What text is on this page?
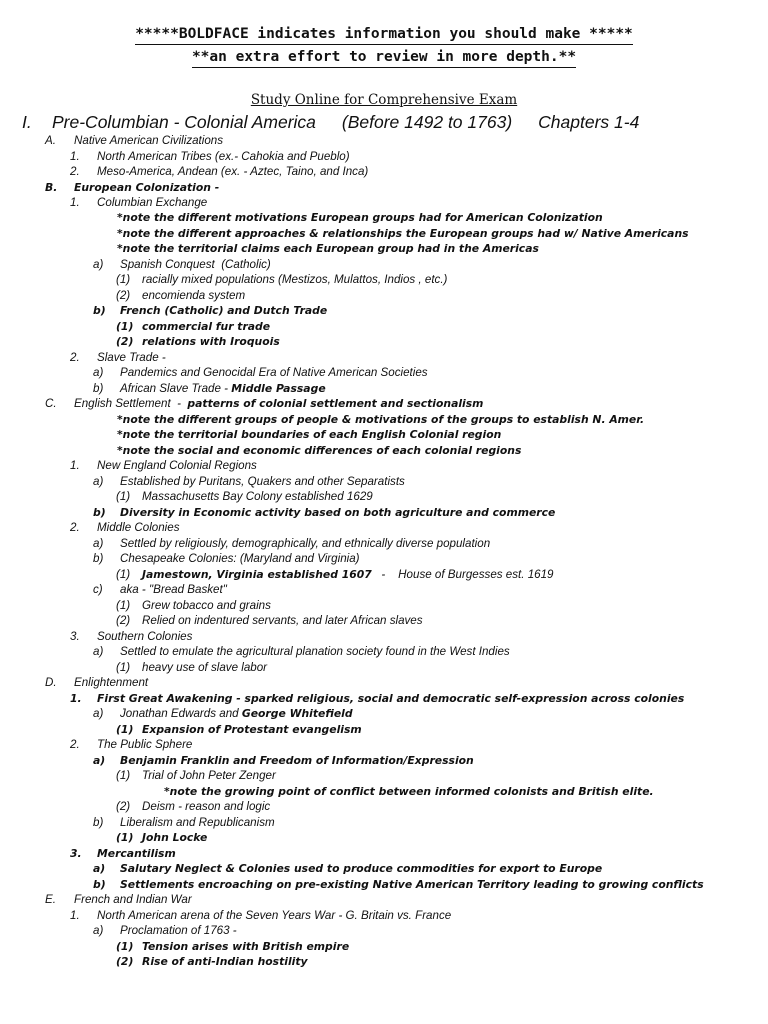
*****BOLDFACE indicates information you should make *****
**an extra effort to review in more depth.**
Study Online for Comprehensive Exam
I. Pre-Columbian - Colonial America (Before 1492 to 1763) Chapters 1-4
A. Native American Civilizations
1. North American Tribes (ex.- Cahokia and Pueblo)
2. Meso-America, Andean (ex. - Aztec, Taino, and Inca)
B. European Colonization -
1. Columbian Exchange
*note the different motivations European groups had for American Colonization
*note the different approaches & relationships the European groups had w/ Native Americans
*note the territorial claims each European group had in the Americas
a) Spanish Conquest  (Catholic)
(1) racially mixed populations (Mestizos, Mulattos, Indios , etc.)
(2) encomienda system
b) French (Catholic) and Dutch Trade
(1) commercial fur trade
(2) relations with Iroquois
2. Slave Trade -
a) Pandemics and Genocidal Era of Native American Societies
b) African Slave Trade - Middle Passage
C. English Settlement  -  patterns of colonial settlement and sectionalism
*note the different groups of people & motivations of the groups to establish N. Amer.
*note the territorial boundaries of each English Colonial region
*note the social and economic differences of each colonial regions
1. New England Colonial Regions
a) Established by Puritans, Quakers and other Separatists
(1) Massachusetts Bay Colony established 1629
b) Diversity in Economic activity based on both agriculture and commerce
2. Middle Colonies
a) Settled by religiously, demographically, and ethnically diverse population
b) Chesapeake Colonies: (Maryland and Virginia)
(1) Jamestown, Virginia established 1607   -    House of Burgesses est. 1619
c) aka - "Bread Basket"
(1) Grew tobacco and grains
(2) Relied on indentured servants, and later African slaves
3. Southern Colonies
a) Settled to emulate the agricultural planation society found in the West Indies
(1) heavy use of slave labor
D. Enlightenment
1. First Great Awakening - sparked religious, social and democratic self-expression across colonies
a) Jonathan Edwards and George Whitefield
(1) Expansion of Protestant evangelism
2. The Public Sphere
a) Benjamin Franklin and Freedom of Information/Expression
(1) Trial of John Peter Zenger
*note the growing point of conflict between informed colonists and British elite.
(2) Deism - reason and logic
b) Liberalism and Republicanism
(1) John Locke
3. Mercantilism
a) Salutary Neglect & Colonies used to produce commodities for export to Europe
b) Settlements encroaching on pre-existing Native American Territory leading to growing conflicts
E. French and Indian War
1. North American arena of the Seven Years War - G. Britain vs. France
a) Proclamation of 1763 -
(1) Tension arises with British empire
(2) Rise of anti-Indian hostility
